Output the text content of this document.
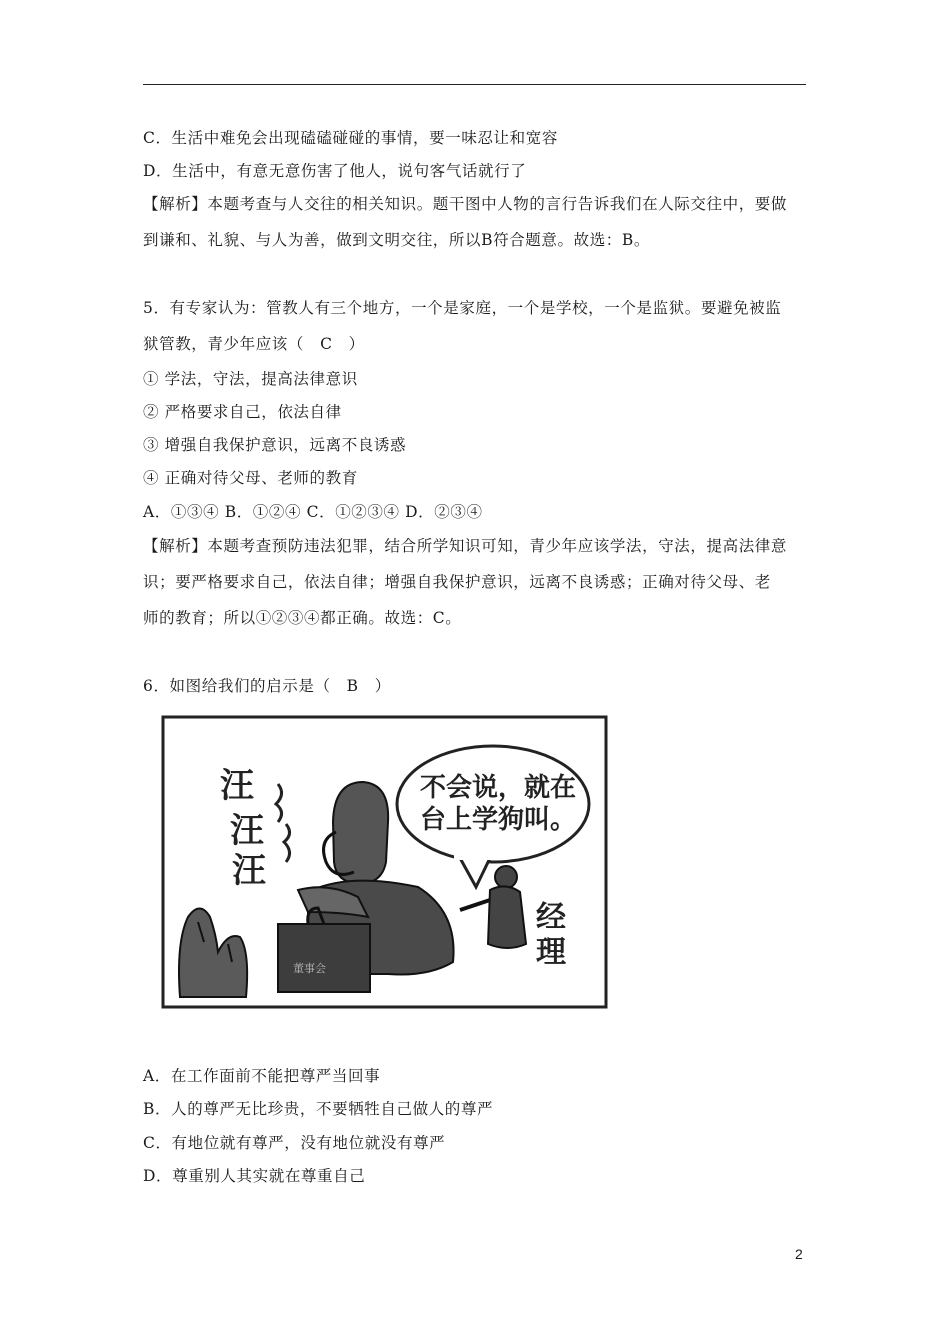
C．生活中难免会出现磕磕碰碰的事情，要一味忍让和宽容
D．生活中，有意无意伤害了他人，说句客气话就行了
【解析】本题考查与人交往的相关知识。题干图中人物的言行告诉我们在人际交往中，要做
到谦和、礼貌、与人为善，做到文明交往，所以B符合题意。故选：B。
5．有专家认为：管教人有三个地方，一个是家庭，一个是学校，一个是监狱。要避免被监
狱管教，青少年应该（　C　）
① 学法，守法，提高法律意识
② 严格要求自己，依法自律
③ 增强自我保护意识，远离不良诱惑
④ 正确对待父母、老师的教育
A．①③④ B．①②④ C．①②③④ D．②③④
【解析】本题考查预防违法犯罪，结合所学知识可知，青少年应该学法，守法，提高法律意
识；要严格要求自己，依法自律；增强自我保护意识，远离不良诱惑；正确对待父母、老
师的教育；所以①②③④都正确。故选：C。
6．如图给我们的启示是（　B　）
汪
汪
汪
不会说，就在
台上学狗叫。
董事会
经
理
A．在工作面前不能把尊严当回事
B．人的尊严无比珍贵，不要牺牲自己做人的尊严
C．有地位就有尊严，没有地位就没有尊严
D．尊重别人其实就在尊重自己
2
